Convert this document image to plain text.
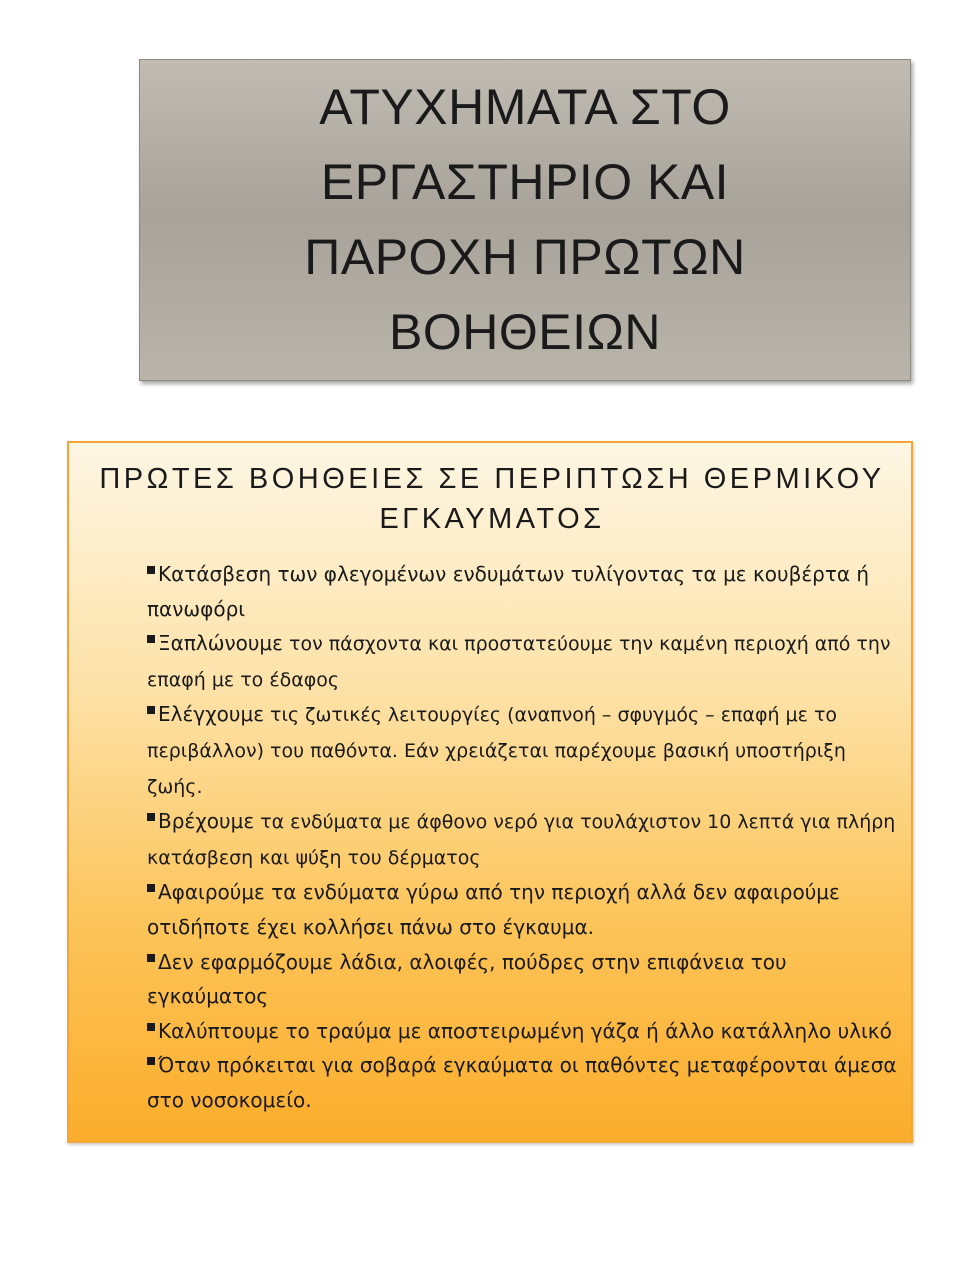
ΑΤΥΧΗΜΑΤΑ ΣΤΟ ΕΡΓΑΣΤΗΡΙΟ ΚΑΙ ΠΑΡΟΧΗ ΠΡΩΤΩΝ ΒΟΗΘΕΙΩΝ
ΠΡΩΤΕΣ ΒΟΗΘΕΙΕΣ ΣΕ ΠΕΡΙΠΤΩΣΗ ΘΕΡΜΙΚΟΥ ΕΓΚΑΥΜΑΤΟΣ
Κατάσβεση των φλεγομένων ενδυμάτων τυλίγοντας τα με κουβέρτα ή πανωφόρι
Ξαπλώνουμε τον πάσχοντα και προστατεύουμε την καμένη περιοχή από την επαφή με το έδαφος
Ελέγχουμε τις ζωτικές λειτουργίες (αναπνοή – σφυγμός – επαφή με το περιβάλλον) του παθόντα. Εάν χρειάζεται παρέχουμε βασική υποστήριξη ζωής.
Βρέχουμε τα ενδύματα με άφθονο νερό για τουλάχιστον 10 λεπτά για πλήρη κατάσβεση και ψύξη του δέρματος
Αφαιρούμε τα ενδύματα γύρω από την περιοχή αλλά δεν αφαιρούμε οτιδήποτε έχει κολλήσει πάνω στο έγκαυμα.
Δεν εφαρμόζουμε λάδια, αλοιφές, πούδρες στην επιφάνεια του εγκαύματος
Καλύπτουμε το τραύμα με αποστειρωμένη γάζα ή άλλο κατάλληλο υλικό
Όταν πρόκειται για σοβαρά εγκαύματα οι παθόντες μεταφέρονται άμεσα στο νοσοκομείο.
